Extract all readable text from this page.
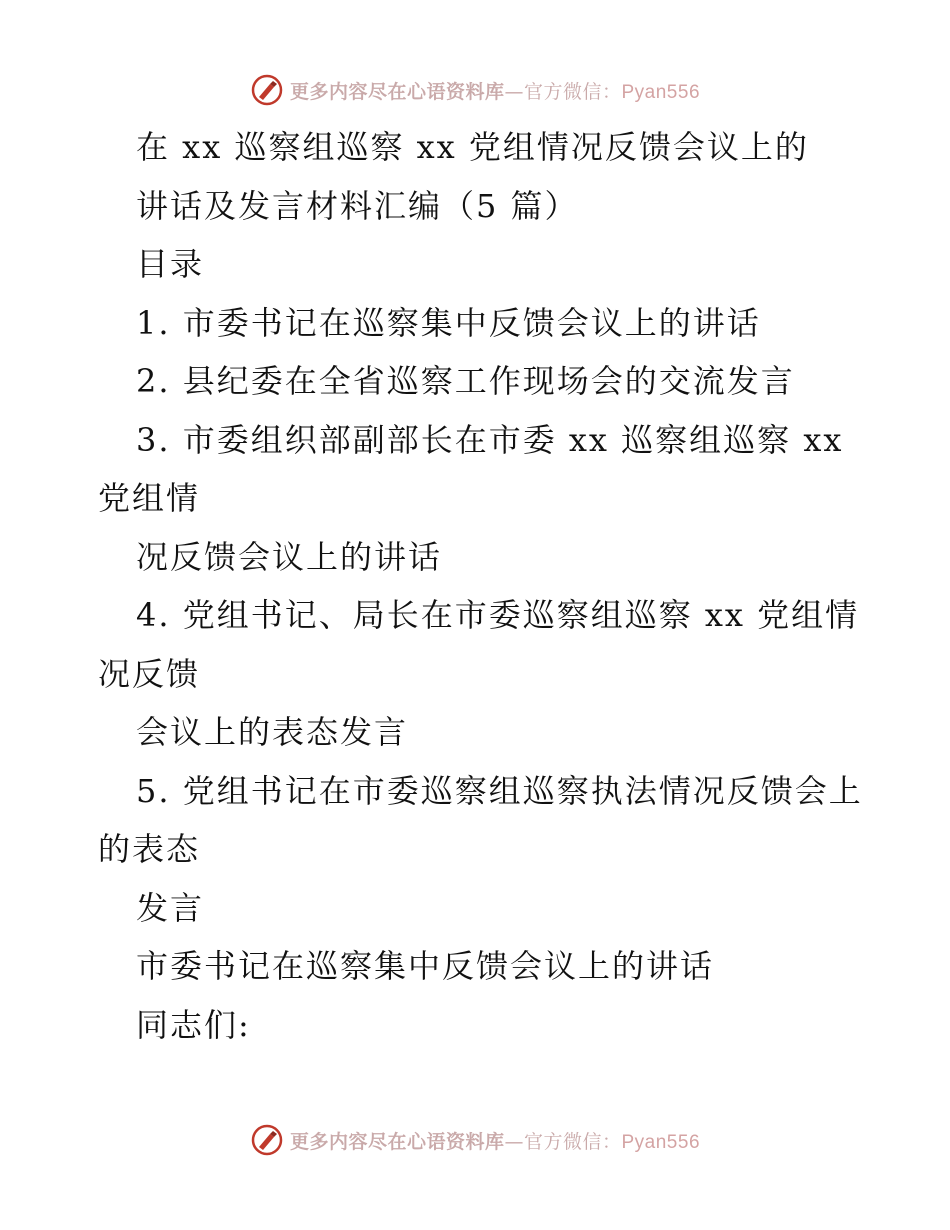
更多内容尽在心语资料库—官方微信：Pyan556
在 xx 巡察组巡察 xx 党组情况反馈会议上的
讲话及发言材料汇编（5 篇）
目录
1. 市委书记在巡察集中反馈会议上的讲话
2. 县纪委在全省巡察工作现场会的交流发言
3. 市委组织部副部长在市委 xx 巡察组巡察 xx
党组情
况反馈会议上的讲话
4. 党组书记、局长在市委巡察组巡察 xx 党组情
况反馈
会议上的表态发言
5. 党组书记在市委巡察组巡察执法情况反馈会上
的表态
发言
市委书记在巡察集中反馈会议上的讲话
同志们:
更多内容尽在心语资料库—官方微信：Pyan556
